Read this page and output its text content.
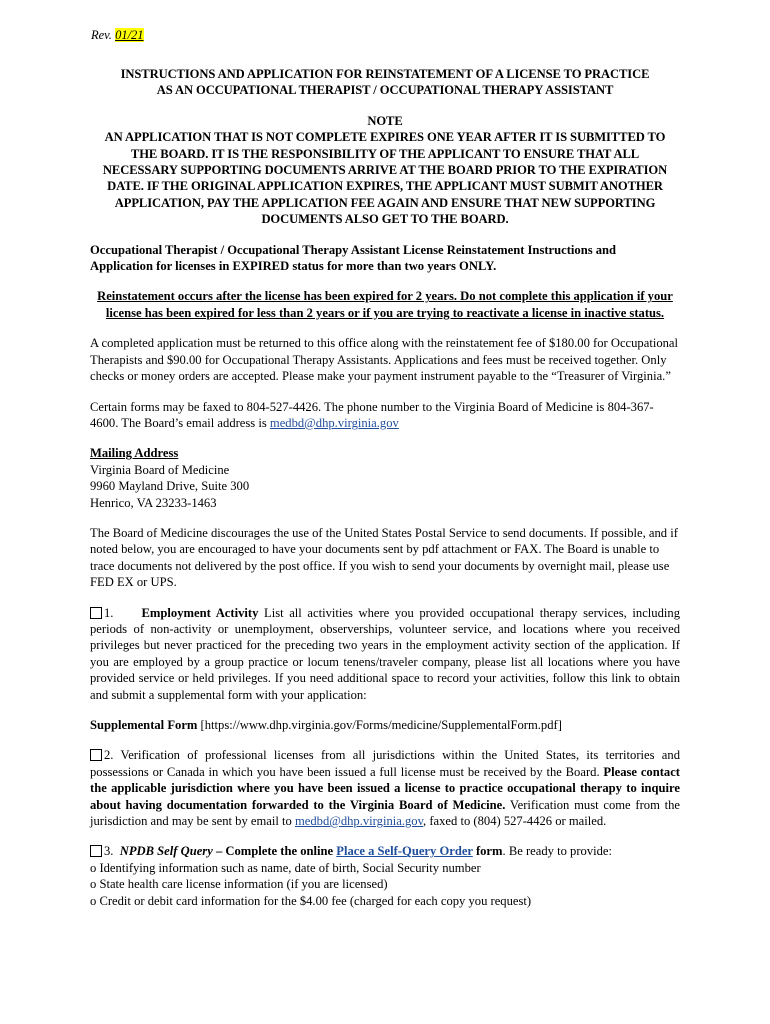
Rev. 01/21
INSTRUCTIONS AND APPLICATION FOR REINSTATEMENT OF A LICENSE TO PRACTICE
AS AN OCCUPATIONAL THERAPIST / OCCUPATIONAL THERAPY ASSISTANT
NOTE
AN APPLICATION THAT IS NOT COMPLETE EXPIRES ONE YEAR AFTER IT IS SUBMITTED TO THE BOARD. IT IS THE RESPONSIBILITY OF THE APPLICANT TO ENSURE THAT ALL NECESSARY SUPPORTING DOCUMENTS ARRIVE AT THE BOARD PRIOR TO THE EXPIRATION DATE. IF THE ORIGINAL APPLICATION EXPIRES, THE APPLICANT MUST SUBMIT ANOTHER APPLICATION, PAY THE APPLICATION FEE AGAIN AND ENSURE THAT NEW SUPPORTING DOCUMENTS ALSO GET TO THE BOARD.

Occupational Therapist / Occupational Therapy Assistant License Reinstatement Instructions and Application for licenses in EXPIRED status for more than two years ONLY.

Reinstatement occurs after the license has been expired for 2 years. Do not complete this application if your license has been expired for less than 2 years or if you are trying to reactivate a license in inactive status.

A completed application must be returned to this office along with the reinstatement fee of $180.00 for Occupational Therapists and $90.00 for Occupational Therapy Assistants. Applications and fees must be received together. Only checks or money orders are accepted. Please make your payment instrument payable to the “Treasurer of Virginia.”

Certain forms may be faxed to 804-527-4426. The phone number to the Virginia Board of Medicine is 804-367-4600. The Board’s email address is medbd@dhp.virginia.gov

Mailing Address
Virginia Board of Medicine
9960 Mayland Drive, Suite 300
Henrico, VA 23233-1463

The Board of Medicine discourages the use of the United States Postal Service to send documents. If possible, and if noted below, you are encouraged to have your documents sent by pdf attachment or FAX. The Board is unable to trace documents not delivered by the post office. If you wish to send your documents by overnight mail, please use FED EX or UPS.

1. Employment Activity List all activities where you provided occupational therapy services, including periods of non-activity or unemployment, observerships, volunteer service, and locations where you received privileges but never practiced for the preceding two years in the employment activity section of the application. If you are employed by a group practice or locum tenens/traveler company, please list all locations where you have provided service or held privileges. If you need additional space to record your activities, follow this link to obtain and submit a supplemental form with your application:

Supplemental Form [https://www.dhp.virginia.gov/Forms/medicine/SupplementalForm.pdf]

2. Verification of professional licenses from all jurisdictions within the United States, its territories and possessions or Canada in which you have been issued a full license must be received by the Board. Please contact the applicable jurisdiction where you have been issued a license to practice occupational therapy to inquire about having documentation forwarded to the Virginia Board of Medicine. Verification must come from the jurisdiction and may be sent by email to medbd@dhp.virginia.gov, faxed to (804) 527-4426 or mailed.

3. NPDB Self Query – Complete the online Place a Self-Query Order form. Be ready to provide:

o Identifying information such as name, date of birth, Social Security number
o State health care license information (if you are licensed)
o Credit or debit card information for the $4.00 fee (charged for each copy you request)
